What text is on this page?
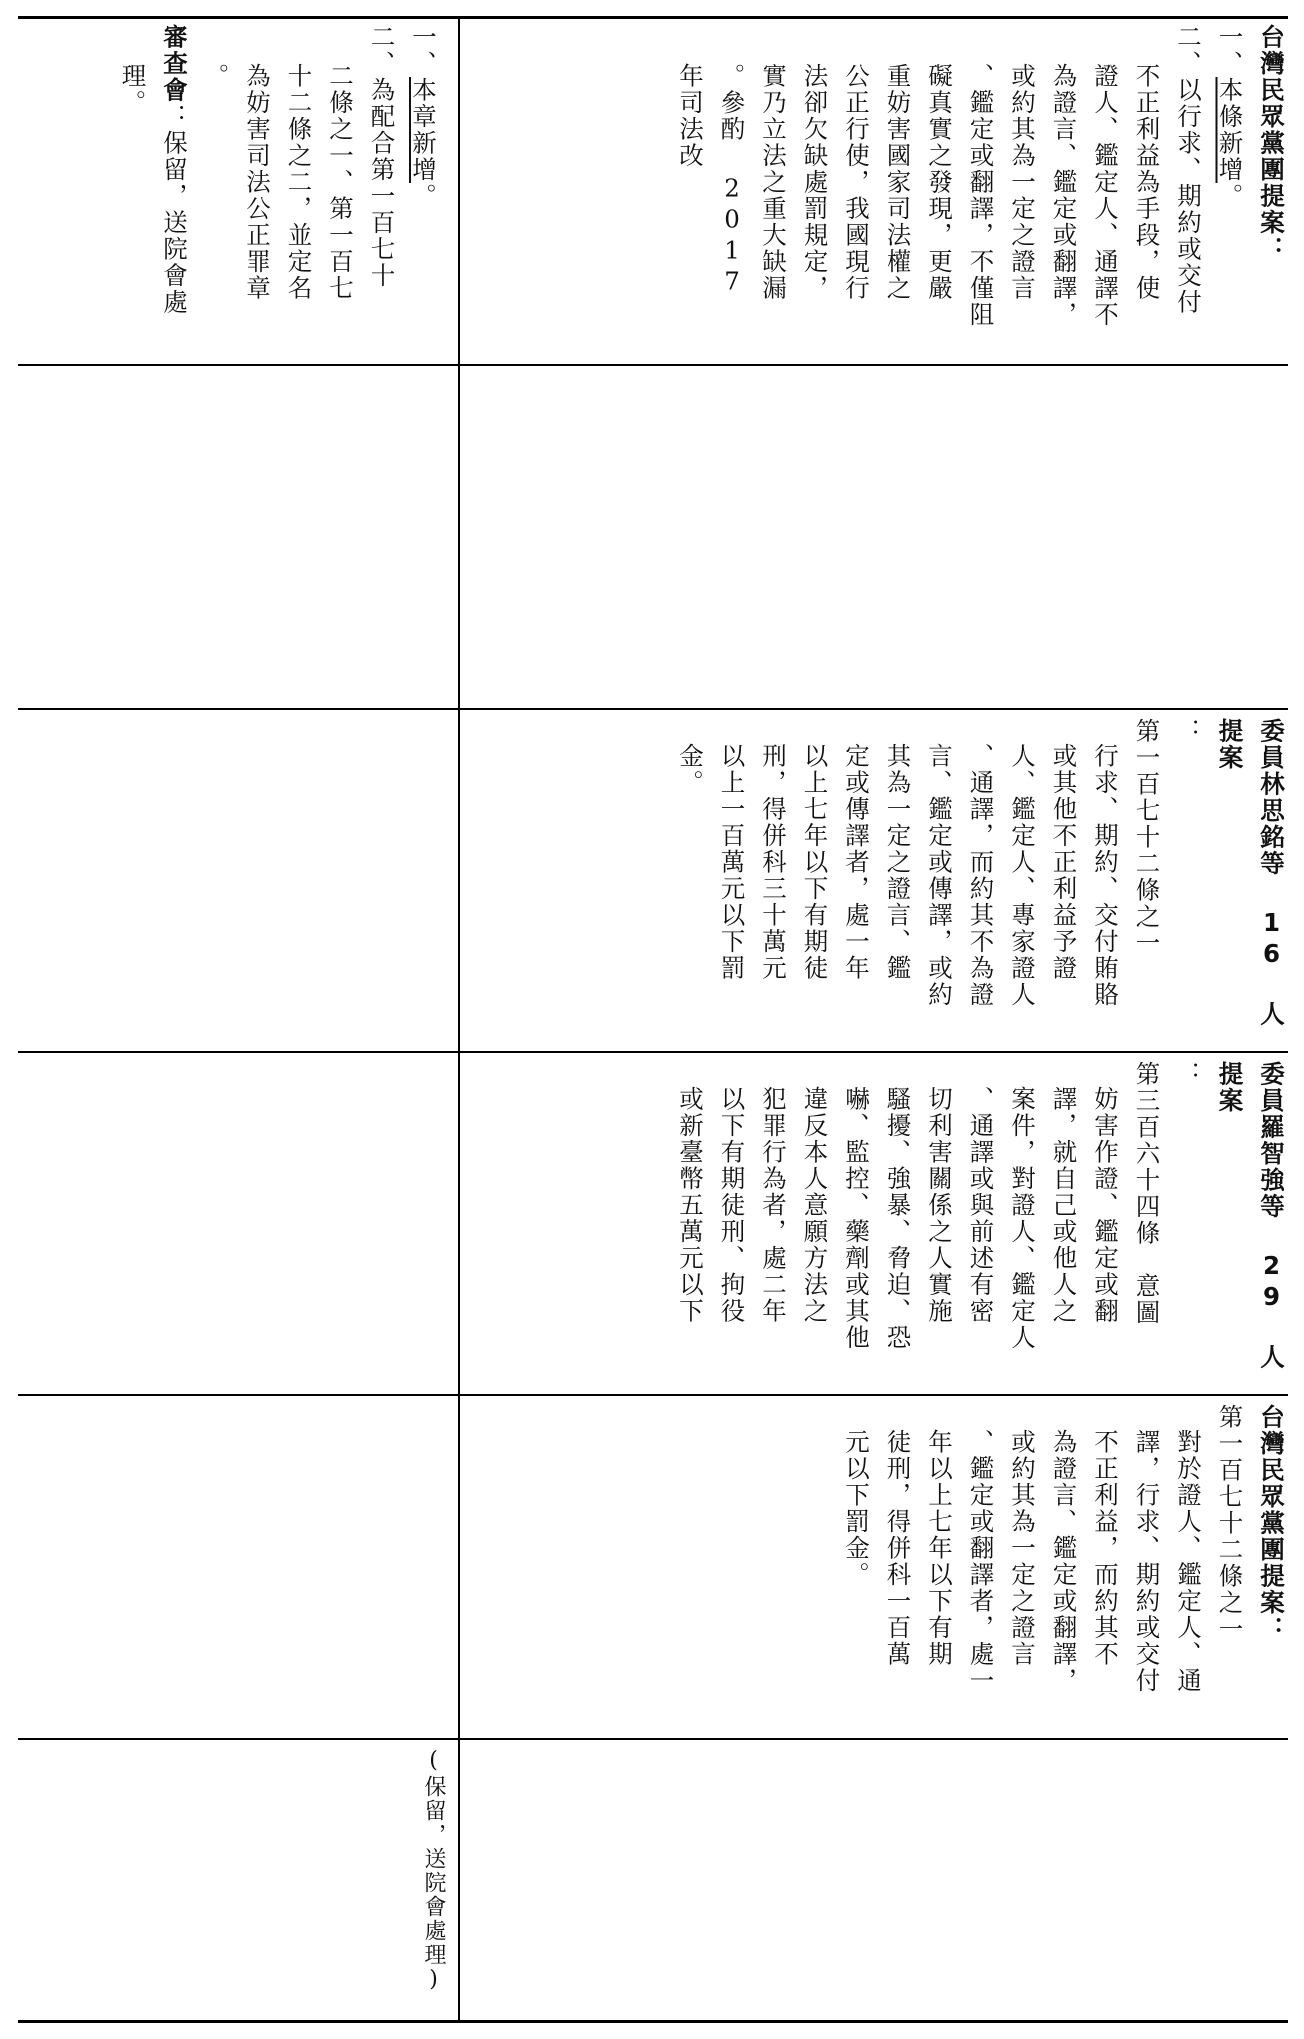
一、本章新增。

二、為配合第一百七十

二條之一、第一百七

十二條之二，並定名

為妨害司法公正罪章

。

審查會：保留，送院會處

理。

(保留，送院會處理)

台灣民眾黨團提案：

一、本條新增。

二、以行求、期約或交付

不正利益為手段，使

證人、鑑定人、通譯不

為證言、鑑定或翻譯，

或約其為一定之證言

、鑑定或翻譯，不僅阻

礙真實之發現，更嚴

重妨害國家司法權之

公正行使，我國現行

法卻欠缺處罰規定，

實乃立法之重大缺漏

。參酌 2017 年司法改

委員林思銘等 16 人提案

：

第一百七十二條之一

行求、期約、交付賄賂

或其他不正利益予證

人、鑑定人、專家證人

、通譯，而約其不為證

言、鑑定或傳譯，或約

其為一定之證言、鑑

定或傳譯者，處一年

以上七年以下有期徒

刑，得併科三十萬元

以上一百萬元以下罰

金。

委員羅智強等 29 人提案

：

第三百六十四條　意圖

妨害作證、鑑定或翻

譯，就自己或他人之

案件，對證人、鑑定人

、通譯或與前述有密

切利害關係之人實施

騷擾、強暴、脅迫、恐

嚇、監控、藥劑或其他

違反本人意願方法之

犯罪行為者，處二年

以下有期徒刑、拘役

或新臺幣五萬元以下

台灣民眾黨團提案：

第一百七十二條之一

對於證人、鑑定人、通

譯，行求、期約或交付

不正利益，而約其不

為證言、鑑定或翻譯，

或約其為一定之證言

、鑑定或翻譯者，處一

年以上七年以下有期

徒刑，得併科一百萬

元以下罰金。
